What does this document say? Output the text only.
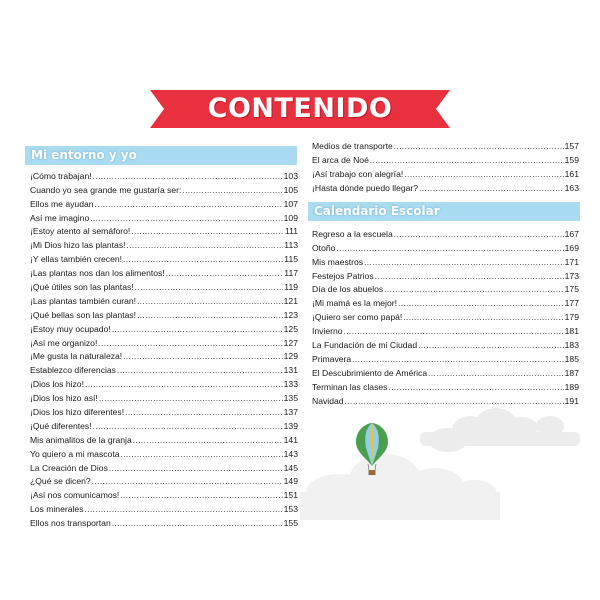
CONTENIDO
Mi entorno y yo
¡Cómo trabajan! .....	103
Cuando yo sea grande me gustaría ser: .....	105
Ellos me ayudan .....	107
Así me imagino .....	109
¡Estoy atento al semáforo! .....	111
¡Mi Dios hizo las plantas! .....	113
¡Y ellas también crecen! .....	115
¡Las plantas nos dan los alimentos! .....	117
¡Qué útiles son las plantas! .....	119
¡Las plantas también curan! .....	121
¡Qué bellas son las plantas! .....	123
¡Estoy muy ocupado! .....	125
¡Así me organizo! .....	127
¡Me gusta la naturaleza! .....	129
Establezco diferencias .....	131
¡Dios los hizo! .....	133
¡Dios los hizo así! .....	135
¡Dios los hizo diferentes! .....	137
¡Qué diferentes! .....	139
Mis animalitos de la granja .....	141
Yo quiero a mi mascota .....	143
La Creación de Dios .....	145
¿Qué se dicen? .....	149
¡Así nos comunicamos! .....	151
Los minerales .....	153
Ellos nos transportan .....	155
Medios de transporte .....	157
El arca de Noé .....	159
¡Así trabajo con alegría! .....	161
¡Hasta dónde puedo llegar? .....	163
Calendario Escolar
Regreso a la escuela .....	167
Otoño .....	169
Mis maestros .....	171
Festejos Patrios .....	173
Día de los abuelos .....	175
¡Mi mamá es la mejor! .....	177
¡Quiero ser como papá! .....	179
Invierno .....	181
La Fundación de mi Ciudad .....	183
Primavera .....	185
El Descubrimiento de América .....	187
Terminan las clases .....	189
Navidad .....	191
